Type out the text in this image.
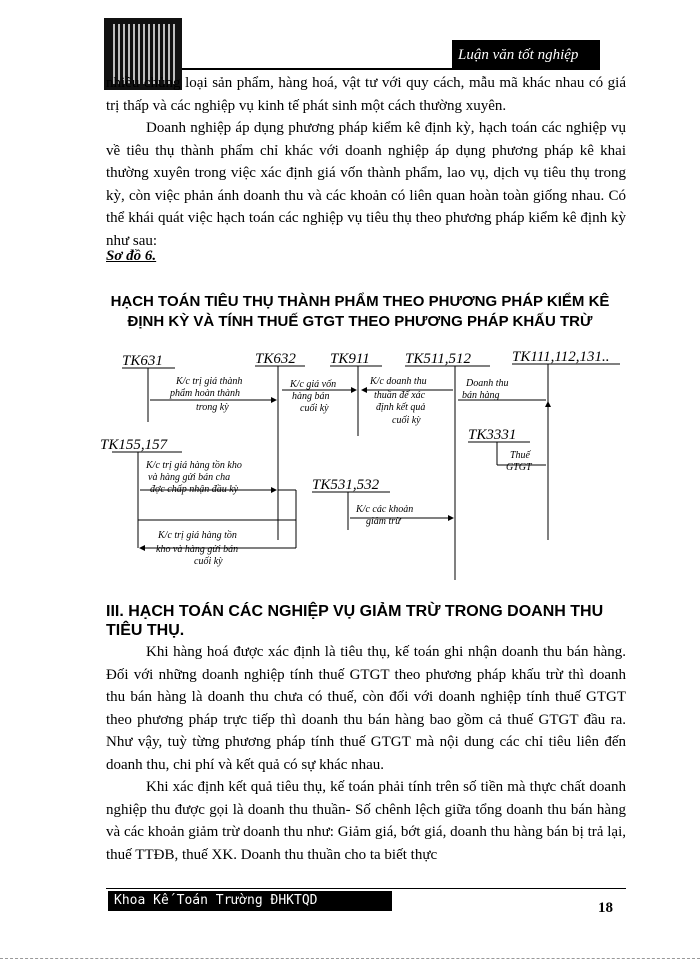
Luận văn tốt nghiệp

nhiều chủng loại sản phẩm, hàng hoá, vật tư với quy cách, mẫu mã khác nhau có giá trị thấp và các nghiệp vụ kinh tế phát sinh một cách thường xuyên.

Doanh nghiệp áp dụng phương pháp kiểm kê định kỳ, hạch toán các nghiệp vụ về tiêu thụ thành phẩm chỉ khác với doanh nghiệp áp dụng phương pháp kê khai thường xuyên trong việc xác định giá vốn thành phẩm, lao vụ, dịch vụ tiêu thụ trong kỳ, còn việc phản ánh doanh thu và các khoản có liên quan hoàn toàn giống nhau. Có thể khái quát việc hạch toán các nghiệp vụ tiêu thụ theo phương pháp kiểm kê định kỳ như sau:

Sơ đồ 6.
HẠCH TOÁN TIÊU THỤ THÀNH PHẨM THEO PHƯƠNG PHÁP KIỂM KÊ ĐỊNH KỲ VÀ TÍNH THUẾ GTGT THEO PHƯƠNG PHÁP KHẤU TRỪ
TK631	TK632 TK911 TK511,512	TK111,112,131..
TK155,157
TK531,532
TK3331
K/c trị giá thành
phẩm hoàn thành
trong kỳ
K/c giá vốn
hàng bán
cuối kỳ
K/c doanh thu
thuần để xác
định kết quả
cuối kỳ
Doanh thu
bán hàng
Thuế
GTGT
K/c trị giá hàng tồn kho
và hàng gửi bán cha
đợc chấp nhận đầu kỳ
K/c các khoản
giảm trừ
K/c trị giá hàng tồn
kho và hàng gửi bán
cuối kỳ
III. HẠCH TOÁN CÁC NGHIỆP VỤ GIẢM TRỪ TRONG DOANH THU TIÊU THỤ.

Khi hàng hoá được xác định là tiêu thụ, kế toán ghi nhận doanh thu bán hàng. Đối với những doanh nghiệp tính thuế GTGT theo phương pháp khấu trừ thì doanh thu bán hàng là doanh thu chưa có thuế, còn đối với doanh nghiệp tính thuế GTGT theo phương pháp trực tiếp thì doanh thu bán hàng bao gồm cả thuế GTGT đầu ra. Như vậy, tuỳ từng phương pháp tính thuế GTGT mà nội dung các chỉ tiêu liên đến doanh thu, chi phí và kết quả có sự khác nhau.

Khi xác định kết quả tiêu thụ, kế toán phải tính trên số tiền mà thực chất doanh nghiệp thu được gọi là doanh thu thuần- Số chênh lệch giữa tổng doanh thu bán hàng và các khoản giảm trừ doanh thu như: Giảm giá, bớt giá, doanh thu hàng bán bị trả lại, thuế TTĐB, thuế XK. Doanh thu thuần cho ta biết thực

Khoa Kế Toán Trường ĐHKTQD	18
